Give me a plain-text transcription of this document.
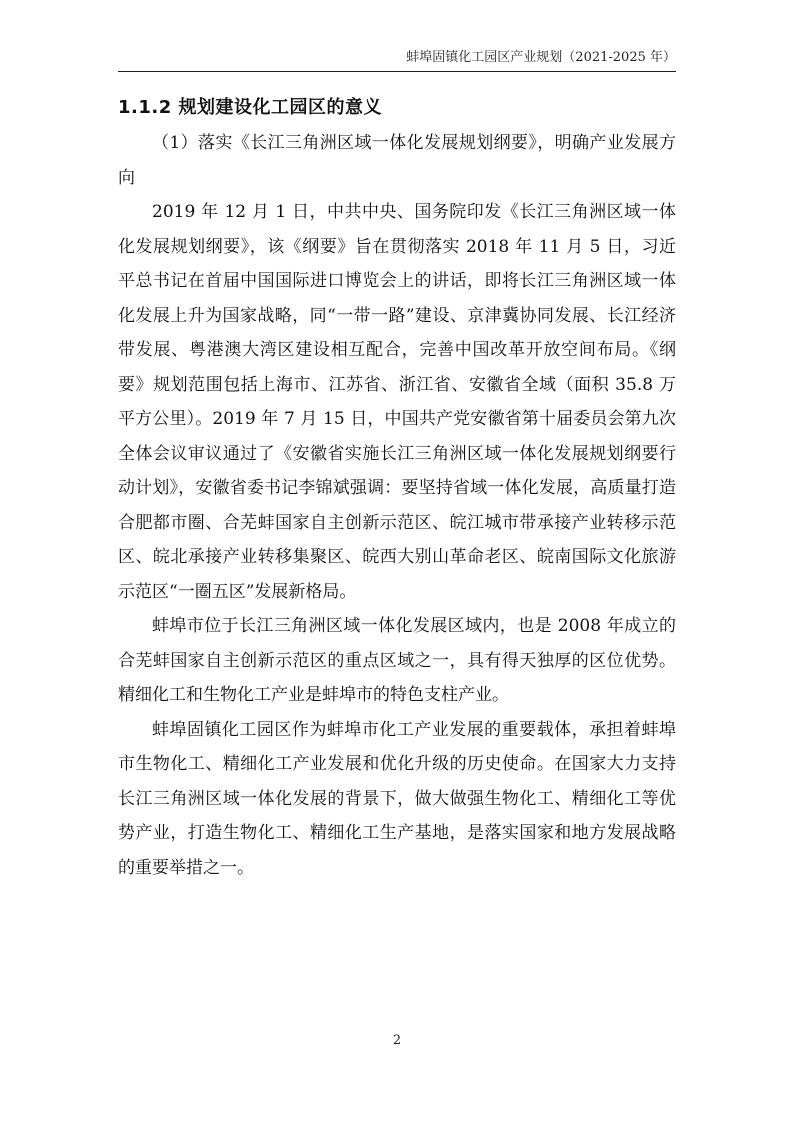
蚌埠固镇化工园区产业规划（2021-2025 年）
1.1.2 规划建设化工园区的意义

（1）落实《长江三角洲区域一体化发展规划纲要》，明确产业发展方向

2019 年 12 月 1 日，中共中央、国务院印发《长江三角洲区域一体化发展规划纲要》，该《纲要》旨在贯彻落实 2018 年 11 月 5 日，习近平总书记在首届中国国际进口博览会上的讲话，即将长江三角洲区域一体化发展上升为国家战略，同“一带一路”建设、京津冀协同发展、长江经济带发展、粤港澳大湾区建设相互配合，完善中国改革开放空间布局。《纲要》规划范围包括上海市、江苏省、浙江省、安徽省全域（面积 35.8 万平方公里）。2019 年 7 月 15 日，中国共产党安徽省第十届委员会第九次全体会议审议通过了《安徽省实施长江三角洲区域一体化发展规划纲要行动计划》，安徽省委书记李锦斌强调：要坚持省域一体化发展，高质量打造合肥都市圈、合芜蚌国家自主创新示范区、皖江城市带承接产业转移示范区、皖北承接产业转移集聚区、皖西大别山革命老区、皖南国际文化旅游示范区“一圈五区”发展新格局。

蚌埠市位于长江三角洲区域一体化发展区域内，也是 2008 年成立的合芜蚌国家自主创新示范区的重点区域之一，具有得天独厚的区位优势。精细化工和生物化工产业是蚌埠市的特色支柱产业。

蚌埠固镇化工园区作为蚌埠市化工产业发展的重要载体，承担着蚌埠市生物化工、精细化工产业发展和优化升级的历史使命。在国家大力支持长江三角洲区域一体化发展的背景下，做大做强生物化工、精细化工等优势产业，打造生物化工、精细化工生产基地，是落实国家和地方发展战略的重要举措之一。

2
